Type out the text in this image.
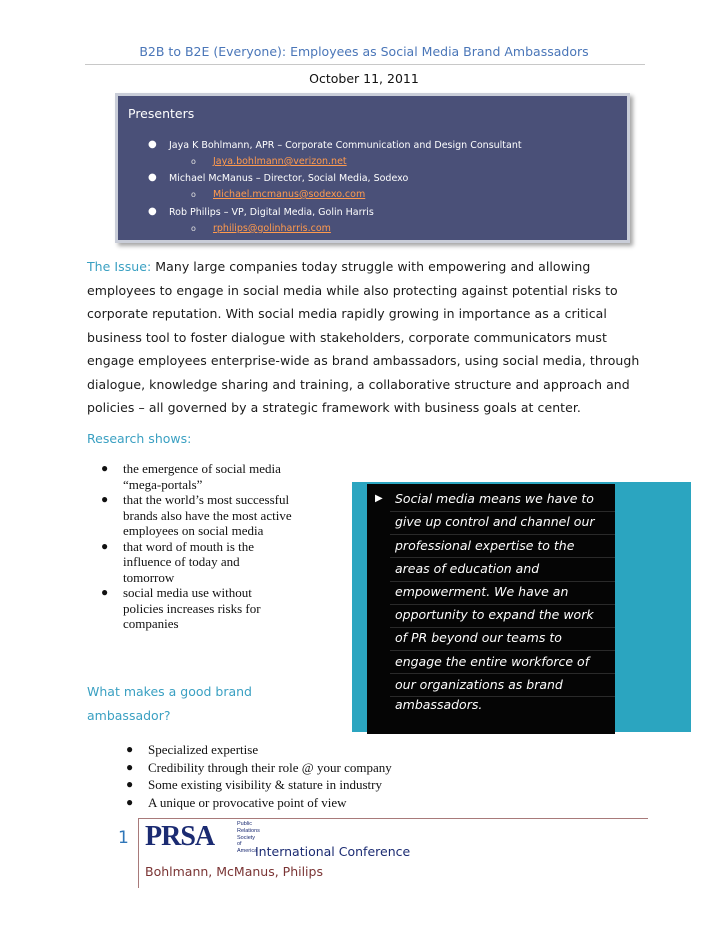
B2B to B2E (Everyone): Employees as Social Media Brand Ambassadors
October 11, 2011
Presenters
● Jaya K Bohlmann, APR – Corporate Communication and Design Consultant
o Jaya.bohlmann@verizon.net
● Michael McManus – Director, Social Media, Sodexo
o Michael.mcmanus@sodexo.com
● Rob Philips – VP, Digital Media, Golin Harris
o rphilips@golinharris.com
The Issue: Many large companies today struggle with empowering and allowing
employees to engage in social media while also protecting against potential risks to
corporate reputation. With social media rapidly growing in importance as a critical
business tool to foster dialogue with stakeholders, corporate communicators must
engage employees enterprise-wide as brand ambassadors, using social media, through
dialogue, knowledge sharing and training, a collaborative structure and approach and
policies – all governed by a strategic framework with business goals at center.
Research shows:
● the emergence of social media
“mega-portals”
● that the world’s most successful
brands also have the most active
employees on social media
● that word of mouth is the
influence of today and
tomorrow
● social media use without
policies increases risks for
companies
▶ Social media means we have to
give up control and channel our
professional expertise to the
areas of education and
empowerment. We have an
opportunity to expand the work
of PR beyond our teams to
engage the entire workforce of
our organizations as brand
ambassadors.
What makes a good brand
ambassador?
● Specialized expertise
● Credibility through their role @ your company
● Some existing visibility & stature in industry
● A unique or provocative point of view
1 PRSA	Public
Relations
Society of
America
International Conference
Bohlmann, McManus, Philips
